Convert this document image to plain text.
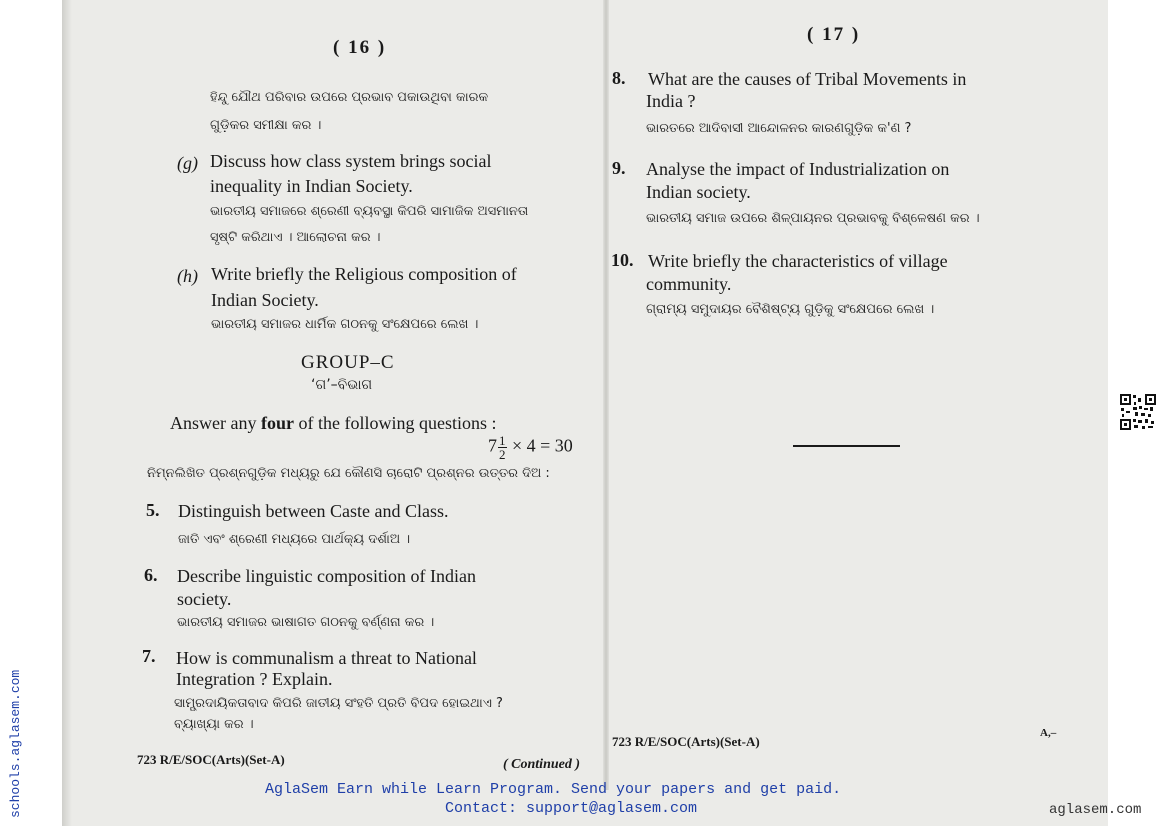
( 16 )
ହିନ୍ଦୁ ଯୌଥ ପରିବାର ଉପରେ ପ୍ରଭାବ ପକାଉଥିବା କାରକ
ଗୁଡ଼ିକର ସମୀକ୍ଷା କର ।
(g) Discuss how class system brings social
inequality in Indian Society.
ଭାରତୀୟ ସମାଜରେ ଶ୍ରେଣୀ ବ୍ୟବସ୍ଥା କିପରି ସାମାଜିକ ଅସମାନତା
ସୃଷ୍ଟି କରିଥାଏ । ଆଲୋଚନା କର ।
(h) Write briefly the Religious composition of
Indian Society.
ଭାରତୀୟ ସମାଜର ଧାର୍ମିକ ଗଠନକୁ ସଂକ୍ଷେପରେ ଲେଖ ।
GROUP–C
‘ଗ’–ବିଭାଗ
Answer any four of the following questions :
$7 \frac{1}{2} \times 4 = 30$
ନିମ୍ନଲିଖିତ ପ୍ରଶ୍ନଗୁଡ଼ିକ ମଧ୍ୟରୁ ଯେ କୌଣସି ଚାରୋଟି ପ୍ରଶ୍ନର ଉତ୍ତର ଦିଅ :
5. Distinguish between Caste and Class.
ଜାତି ଏବଂ ଶ୍ରେଣୀ ମଧ୍ୟରେ ପାର୍ଥକ୍ୟ ଦର୍ଶାଅ ।
6. Describe linguistic composition of Indian
society.
ଭାରତୀୟ ସମାଜର ଭାଷାଗତ ଗଠନକୁ ବର୍ଣ୍ଣନା କର ।
7. How is communalism a threat to National
Integration ? Explain.
ସାମ୍ପ୍ରଦାୟିକତାବାଦ କିପରି ଜାତୀୟ ସଂହତି ପ୍ରତି ବିପଦ ହୋଇଥାଏ ?
ବ୍ୟାଖ୍ୟା କର ।
723 R/E/SOC(Arts)(Set-A)	( Continued )
( 17 )
8. What are the causes of Tribal Movements in
India ?
ଭାରତରେ ଆଦିବାସୀ ଆନ୍ଦୋଳନର କାରଣଗୁଡ଼ିକ କ'ଣ ?
9. Analyse the impact of Industrialization on
Indian society.
ଭାରତୀୟ ସମାଜ ଉପରେ ଶିଳ୍ପାୟନର ପ୍ରଭାବକୁ ବିଶ୍ଳେଷଣ କର ।
10. Write briefly the characteristics of village
community.
ଗ୍ରାମ୍ୟ ସମୁଦାୟର ବୈଶିଷ୍ଟ୍ୟ ଗୁଡ଼ିକୁ ସଂକ୍ଷେପରେ ଲେଖ ।
723 R/E/SOC(Arts)(Set-A)
A,–
AglaSem Earn while Learn Program. Send your papers and get paid.
Contact: support@aglasem.com	aglasem.com
schools.aglasem.com
